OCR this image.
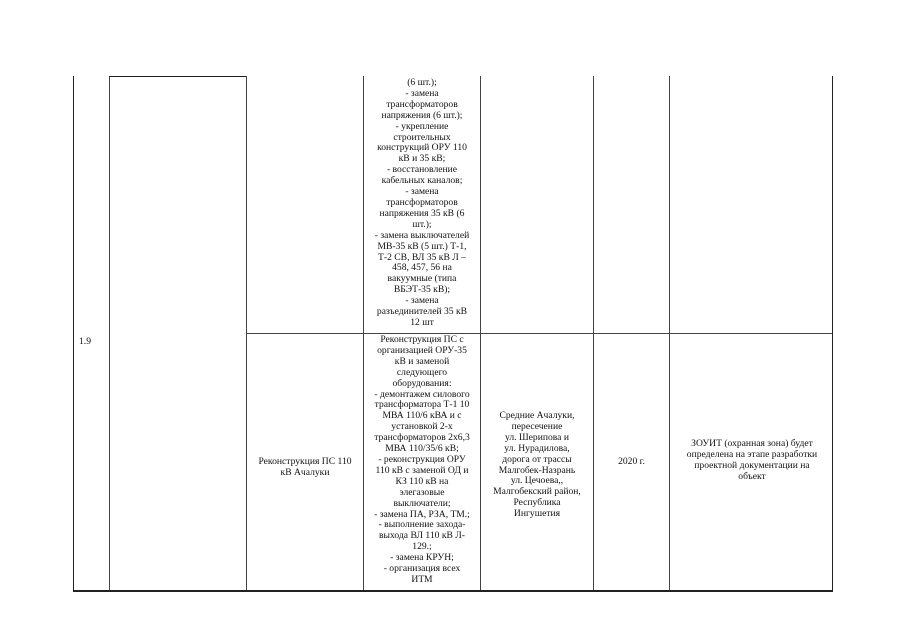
1.9
(6 шт.);
- замена
трансформаторов
напряжения (6 шт.);
- укрепление
строительных
конструкций ОРУ 110
кВ и 35 кВ;
- восстановление
кабельных каналов;
- замена
трансформаторов
напряжения 35 кВ (6
шт.);
- замена выключателей
МВ-35 кВ (5 шт.) Т-1,
Т-2 СВ, ВЛ 35 кВ Л –
458, 457, 56 на
вакуумные (типа
ВБЭТ-35 кВ);
- замена
разъединителей 35 кВ
12 шт
Реконструкция ПС 110
кВ Ачалуки
Реконструкция ПС с
организацией ОРУ-35
кВ и заменой
следующего
оборудования:
- демонтажем силового
трансформатора Т-1 10
МВА 110/6 кВА и с
установкой 2-х
трансформаторов 2х6,3
МВА 110/35/6 кВ;
- реконструкция ОРУ
110 кВ с заменой ОД и
КЗ 110 кВ на
элегазовые
выключатели;
- замена ПА, РЗА, ТМ.;
- выполнение захода-
выхода ВЛ 110 кВ Л-
129.;
- замена КРУН;
- организация всех
ИТМ
Средние Ачалуки,
пересечение
ул. Шерипова и
ул. Нурадилова,
дорога от трассы
Малгобек-Назрань
ул. Цечоева,,
Малгобекский район,
Республика
Ингушетия
2020 г.
ЗОУИТ (охранная зона) будет
определена на этапе разработки
проектной документации на
объект
